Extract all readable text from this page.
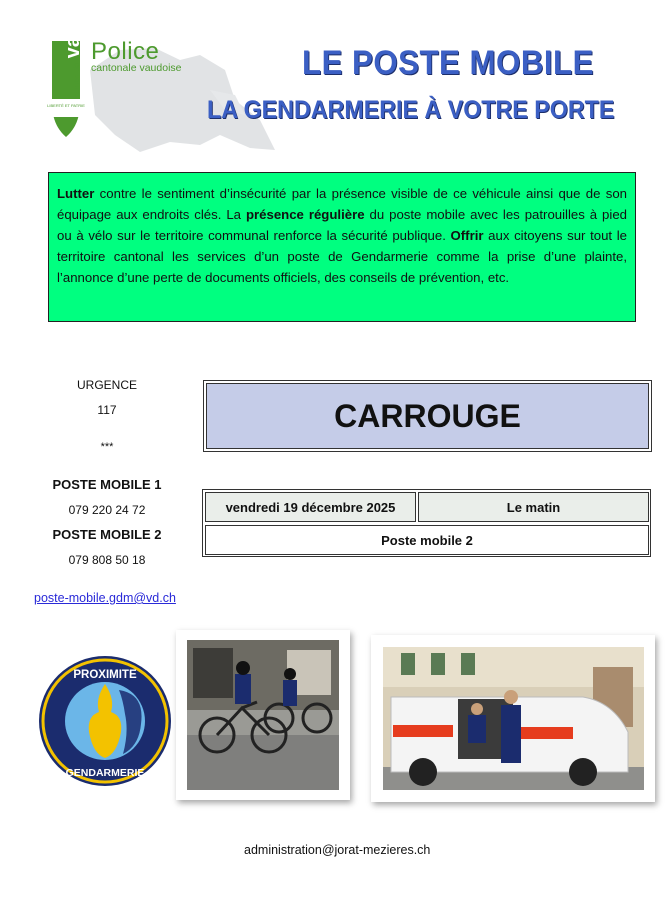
LIBERTÉ ET PATRIE
canton de vaud Police
cantonale vaudoise	LE POSTE MOBILE
LA GENDARMERIE À VOTRE PORTE
Lutter contre le sentiment d’insécurité par la présence visible de ce véhicule ainsi que de son équipage aux endroits clés. La présence régulière du poste mobile avec les patrouilles à pied ou à vélo sur le territoire communal renforce la sécurité publique. Offrir aux citoyens sur tout le territoire cantonal les services d’un poste de Gendarmerie comme la prise d’une plainte, l’annonce d’une perte de documents officiels, des conseils de prévention, etc.
URGENCE
117
***
POSTE MOBILE 1
079 220 24 72
POSTE MOBILE 2
079 808 50 18
poste-mobile.gdm@vd.ch
CARROUGE
vendredi 19 décembre 2025	Le matin
Poste mobile 2
PROXIMITE
GENDARMERIE
administration@jorat-mezieres.ch
